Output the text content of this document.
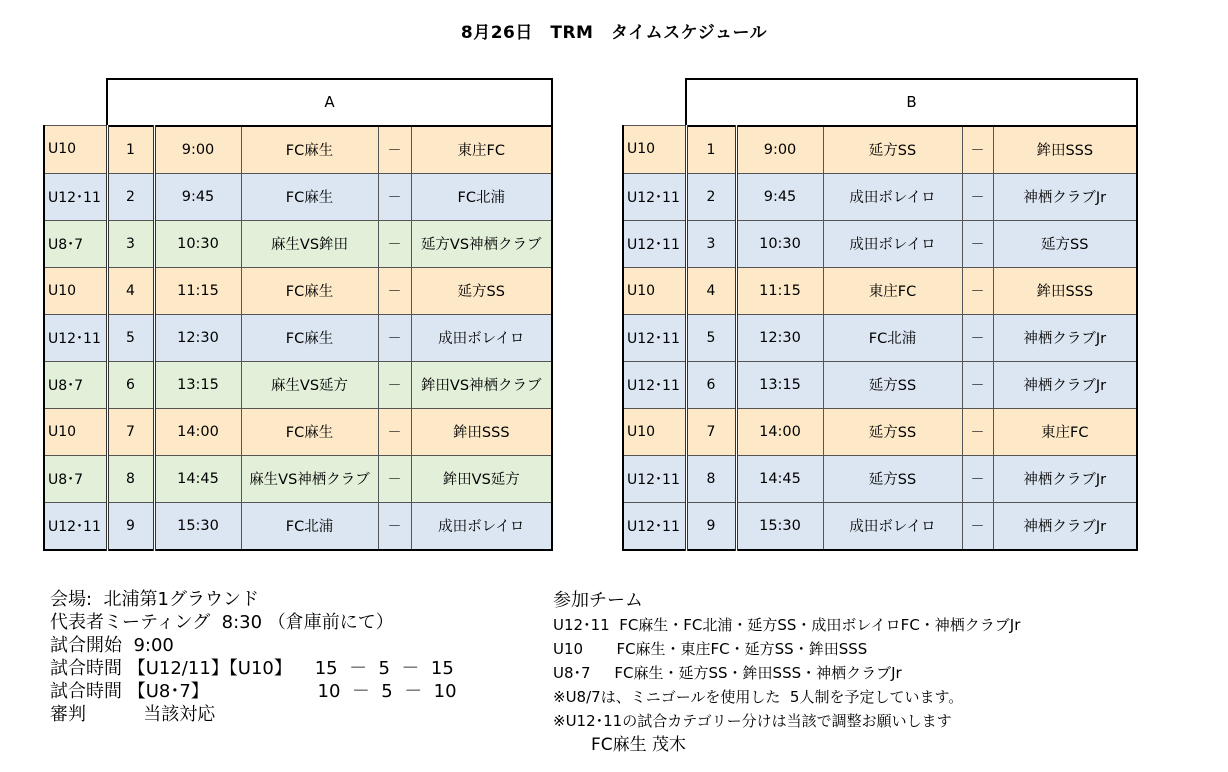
8月26日　TRM　タイムスケジュール
	A				
U10	1	9:00	FC麻生	－	東庄FC
U12･11	2	9:45	FC麻生	－	FC北浦
U8･7	3	10:30	麻生VS鉾田	－	延方VS神栖クラブ
U10	4	11:15	FC麻生	－	延方SS
U12･11	5	12:30	FC麻生	－	成田ボレイロ
U8･7	6	13:15	麻生VS延方	－	鉾田VS神栖クラブ
U10	7	14:00	FC麻生	－	鉾田SSS
U8･7	8	14:45	麻生VS神栖クラブ	－	鉾田VS延方
U12･11	9	15:30	FC北浦	－	成田ボレイロ
	B				
U10	1	9:00	延方SS	－	鉾田SSS
U12･11	2	9:45	成田ボレイロ	－	神栖クラブJr
U12･11	3	10:30	成田ボレイロ	－	延方SS
U10	4	11:15	東庄FC	－	鉾田SSS
U12･11	5	12:30	FC北浦	－	神栖クラブJr
U12･11	6	13:15	延方SS	－	神栖クラブJr
U10	7	14:00	延方SS	－	東庄FC
U12･11	8	14:45	延方SS	－	神栖クラブJr
U12･11	9	15:30	成田ボレイロ	－	神栖クラブJr
会場:  北浦第1グラウンド
代表者ミーティング  8:30 （倉庫前にて）
試合開始  9:00
試合時間 【U12/11】【U10】    15  －  5  －  15
試合時間 【U8･7】                   10  －  5  －  10
審判          当該対応
参加チーム
U12･11  FC麻生・FC北浦・延方SS・成田ボレイロFC・神栖クラブJr
U10       FC麻生・東庄FC・延方SS・鉾田SSS
U8･7     FC麻生・延方SS・鉾田SSS・神栖クラブJr
※U8/7は、ミニゴールを使用した  5人制を予定しています。
※U12･11の試合カテゴリー分けは当該で調整お願いします
FC麻生 茂木
